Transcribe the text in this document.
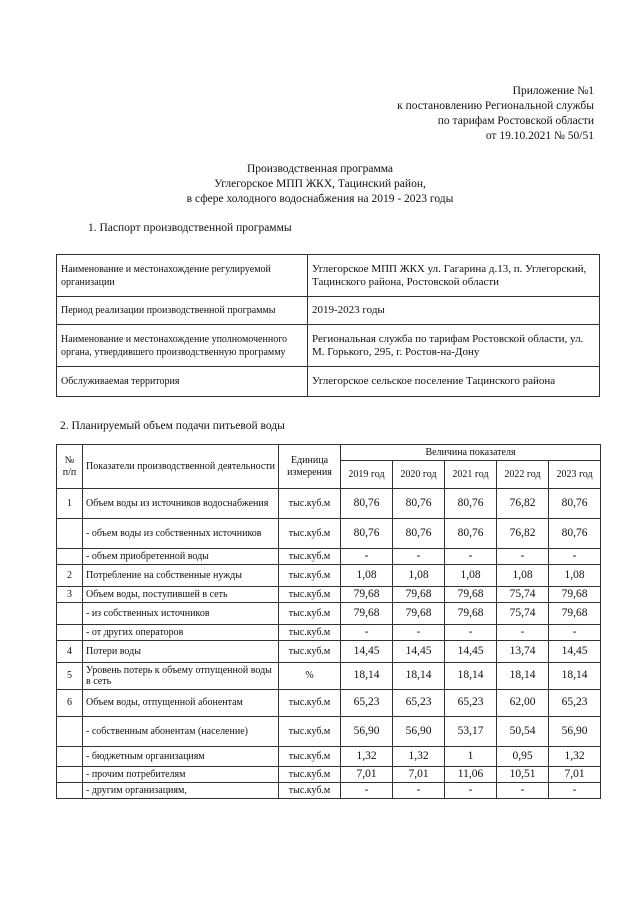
Приложение №1
к постановлению Региональной службы
по тарифам Ростовской области
от 19.10.2021 № 50/51
Производственная программа
Углегорское МПП ЖКХ, Тацинский район,
в сфере холодного водоснабжения на 2019 - 2023 годы
1. Паспорт производственной программы
Наименование и местонахождение регулируемой организации	Углегорское МПП ЖКХ ул. Гагарина д.13, п. Углегорский, Тацинского района, Ростовской области
Период реализации производственной программы	2019-2023 годы
Наименование и местонахождение уполномоченного органа, утвердившего производственную программу	Региональная служба по тарифам Ростовской области, ул. М. Горького, 295, г. Ростов-на-Дону
Обслуживаемая территория	Углегорское сельское поселение Тацинского района
2. Планируемый объем подачи питьевой воды
№ п/п	Показатели производственной деятельности	Единица измерения	Величина показателя				
			2019 год	2020 год	2021 год	2022 год	2023 год
1	Объем воды из источников водоснабжения	тыс.куб.м	80,76	80,76	80,76	76,82	80,76
	- объем воды из собственных источников	тыс.куб.м	80,76	80,76	80,76	76,82	80,76
	- объем приобретенной воды	тыс.куб.м	-	-	-	-	-
2	Потребление на собственные нужды	тыс.куб.м	1,08	1,08	1,08	1,08	1,08
3	Объем воды, поступившей в сеть	тыс.куб.м	79,68	79,68	79,68	75,74	79,68
	- из собственных источников	тыс.куб.м	79,68	79,68	79,68	75,74	79,68
	- от других операторов	тыс.куб.м	-	-	-	-	-
4	Потери воды	тыс.куб.м	14,45	14,45	14,45	13,74	14,45
5	Уровень потерь к объему отпущенной воды в сеть	%	18,14	18,14	18,14	18,14	18,14
6	Объем воды, отпущенной абонентам	тыс.куб.м	65,23	65,23	65,23	62,00	65,23
	- собственным абонентам (население)	тыс.куб.м	56,90	56,90	53,17	50,54	56,90
	- бюджетным организациям	тыс.куб.м	1,32	1,32	1	0,95	1,32
	- прочим потребителям	тыс.куб.м	7,01	7,01	11,06	10,51	7,01
	- другим организациям,	тыс.куб.м	-	-	-	-	-
